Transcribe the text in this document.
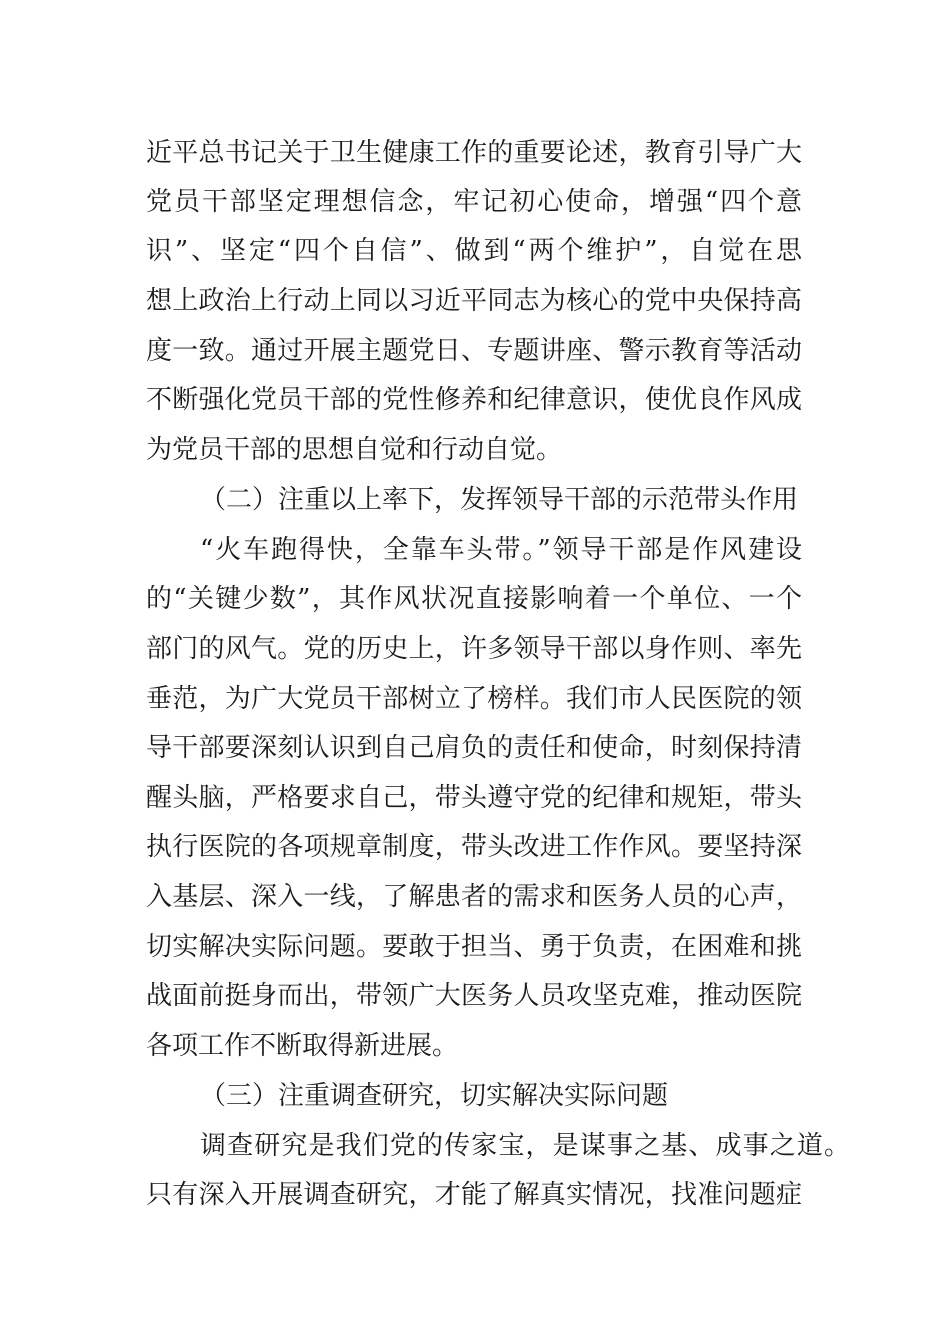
近平总书记关于卫生健康工作的重要论述，教育引导广大
党员干部坚定理想信念，牢记初心使命，增强“四个意
识”、坚定“四个自信”、做到“两个维护”，自觉在思
想上政治上行动上同以习近平同志为核心的党中央保持高
度一致。通过开展主题党日、专题讲座、警示教育等活动
不断强化党员干部的党性修养和纪律意识，使优良作风成
为党员干部的思想自觉和行动自觉。
（二）注重以上率下，发挥领导干部的示范带头作用
“火车跑得快，全靠车头带。”领导干部是作风建设
的“关键少数”，其作风状况直接影响着一个单位、一个
部门的风气。党的历史上，许多领导干部以身作则、率先
垂范，为广大党员干部树立了榜样。我们市人民医院的领
导干部要深刻认识到自己肩负的责任和使命，时刻保持清
醒头脑，严格要求自己，带头遵守党的纪律和规矩，带头
执行医院的各项规章制度，带头改进工作作风。要坚持深
入基层、深入一线，了解患者的需求和医务人员的心声，
切实解决实际问题。要敢于担当、勇于负责，在困难和挑
战面前挺身而出，带领广大医务人员攻坚克难，推动医院
各项工作不断取得新进展。
（三）注重调查研究，切实解决实际问题
调查研究是我们党的传家宝，是谋事之基、成事之道。
只有深入开展调查研究，才能了解真实情况，找准问题症
